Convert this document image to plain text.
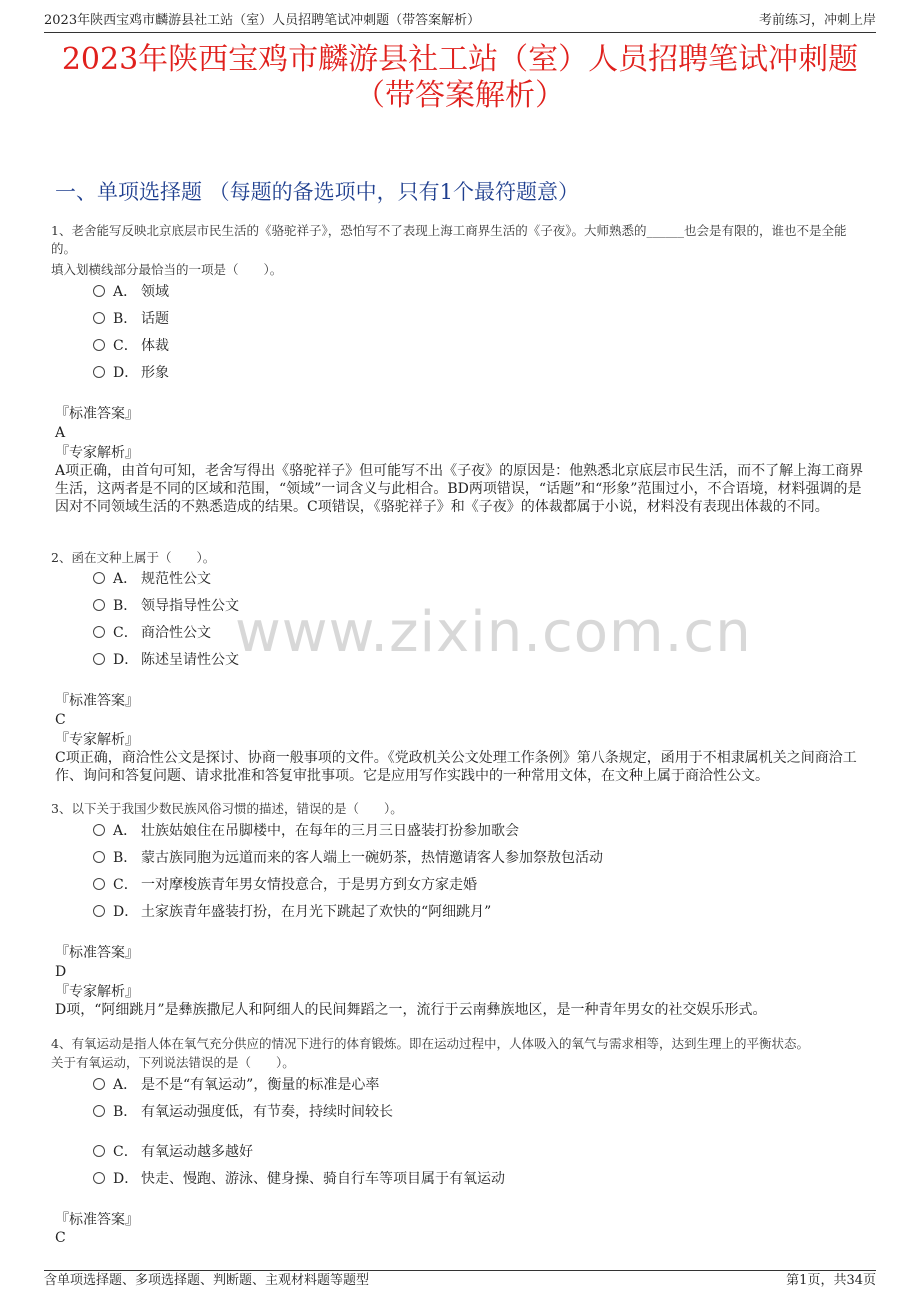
2023年陕西宝鸡市麟游县社工站（室）人员招聘笔试冲刺题（带答案解析）	考前练习，冲刺上岸
2023年陕西宝鸡市麟游县社工站（室）人员招聘笔试冲刺题（带答案解析）
一、单项选择题 （每题的备选项中，只有1个最符题意）
www.zixin.com.cn
1、老舍能写反映北京底层市民生活的《骆驼祥子》，恐怕写不了表现上海工商界生活的《子夜》。大师熟悉的______也会是有限的，谁也不是全能的。
填入划横线部分最恰当的一项是（　　）。
A． 领域
B． 话题
C． 体裁
D． 形象
『标准答案』
A
『专家解析』
A项正确，由首句可知，老舍写得出《骆驼祥子》但可能写不出《子夜》的原因是：他熟悉北京底层市民生活，而不了解上海工商界生活，这两者是不同的区域和范围，“领域”一词含义与此相合。BD两项错误，“话题”和“形象”范围过小，不合语境，材料强调的是因对不同领域生活的不熟悉造成的结果。C项错误，《骆驼祥子》和《子夜》的体裁都属于小说，材料没有表现出体裁的不同。
2、函在文种上属于（　　）。
A． 规范性公文
B． 领导指导性公文
C． 商洽性公文
D． 陈述呈请性公文
『标准答案』
C
『专家解析』
C项正确，商洽性公文是探讨、协商一般事项的文件。《党政机关公文处理工作条例》第八条规定，函用于不相隶属机关之间商洽工作、询问和答复问题、请求批准和答复审批事项。它是应用写作实践中的一种常用文体，在文种上属于商洽性公文。
3、以下关于我国少数民族风俗习惯的描述，错误的是（　　）。
A． 壮族姑娘住在吊脚楼中，在每年的三月三日盛装打扮参加歌会
B． 蒙古族同胞为远道而来的客人端上一碗奶茶，热情邀请客人参加祭敖包活动
C． 一对摩梭族青年男女情投意合，于是男方到女方家走婚
D． 土家族青年盛装打扮，在月光下跳起了欢快的“阿细跳月”
『标准答案』
D
『专家解析』
D项，“阿细跳月”是彝族撒尼人和阿细人的民间舞蹈之一，流行于云南彝族地区，是一种青年男女的社交娱乐形式。
4、有氧运动是指人体在氧气充分供应的情况下进行的体育锻炼。即在运动过程中，人体吸入的氧气与需求相等，达到生理上的平衡状态。
关于有氧运动，下列说法错误的是（　　）。
A． 是不是“有氧运动”，衡量的标准是心率
B． 有氧运动强度低，有节奏，持续时间较长
C． 有氧运动越多越好
D． 快走、慢跑、游泳、健身操、骑自行车等项目属于有氧运动
『标准答案』
C
含单项选择题、多项选择题、判断题、主观材料题等题型	第1页，共34页
